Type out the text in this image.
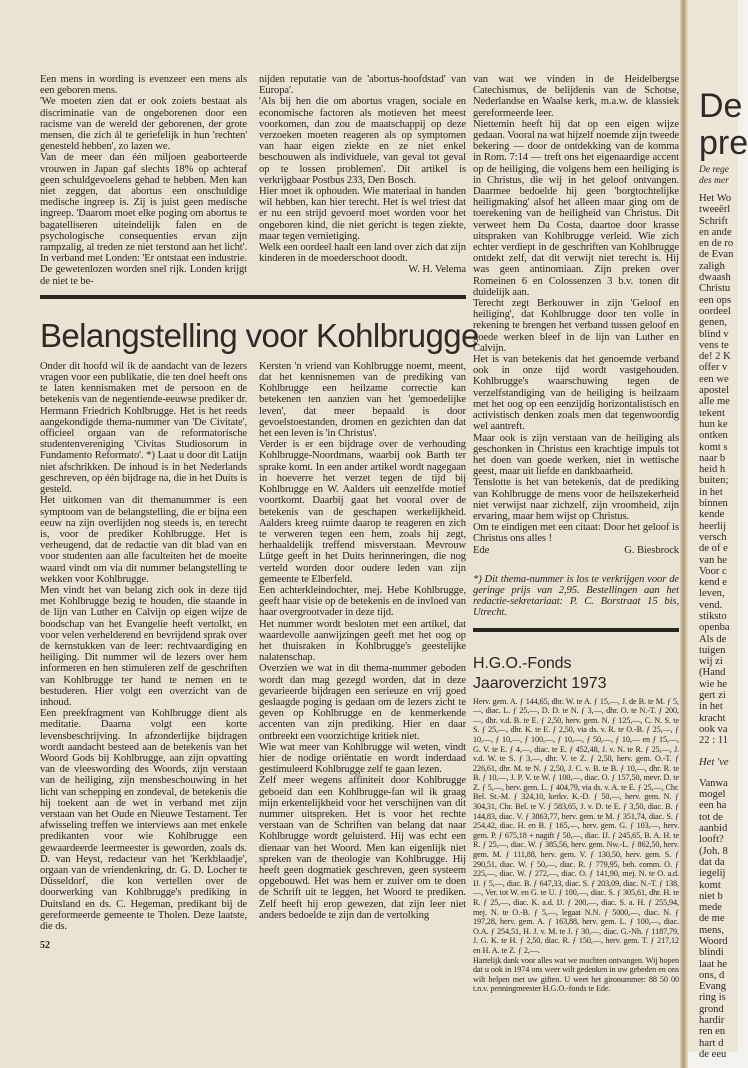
Een mens in wording is evenzeer een mens als een geboren mens.

'We moeten zien dat er ook zoiets bestaat als discriminatie van de ongeborenen door een racisme van de wereld der geborenen, der grote mensen, die zich ál te geriefelijk in hun 'rechten' genesteld hebben', zo lazen we.

Van de meer dan één miljoen geaborteerde vrouwen in Japan gaf slechts 18% op achteraf geen schuldgevoelens gehad te hebben. Men kan niet zeggen, dat abortus een onschuldige medische ingreep is. Zij is juist geen medische ingreep. 'Daarom moet elke poging om abortus te bagatelliseren uiteindelijk falen en de psychologische consequenties ervan zijn rampzalig, al treden ze niet terstond aan het licht'. In verband met Londen: 'Er ontstaat een industrie. De gewetenlozen worden snel rijk. Londen krijgt de niet te be-

nijden reputatie van de 'abortus-hoofdstad' van Europa'.

'Als bij hen die om abortus vragen, sociale en economische factoren als motieven het meest voorkomen, dan zou de maatschappij op deze verzoeken moeten reageren als op symptomen van haar eigen ziekte en ze niet enkel beschouwen als individuele, van geval tot geval op te lossen problemen'. Dit artikel is verkrijgbaar Postbus 233, Den Bosch.

Hier moet ik ophouden. Wie materiaal in handen wil hebben, kan hier terecht. Het is wel triest dat er nu een strijd gevoerd moet worden voor het ongeboren kind, die niet gericht is tegen ziekte, maar tegen vernietiging.

Welk een oordeel haalt een land over zich dat zijn kinderen in de moederschoot doodt.

W. H. Velema

Belangstelling voor Kohlbrugge

Onder dit hoofd wil ik de aandacht van de lezers vragen voor een publikatie, die ten doel heeft ons te laten kennismaken met de persoon en de betekenis van de negentiende-eeuwse prediker dr. Hermann Friedrich Kohlbrugge. Het is het reeds aangekondigde thema-nummer van 'De Civitate', officieel orgaan van de reformatorische studentenvereniging 'Civitas Studiosorum in Fundamento Reformato'. *) Laat u door dit Latijn niet afschrikken. De inhoud is in het Nederlands geschreven, op één bijdrage na, die in het Duits is gesteld.

Het uitkomen van dit themanummer is een symptoom van de belangstelling, die er bijna een eeuw na zijn overlijden nog steeds is, en terecht is, voor de prediker Kohlbrugge. Het is verheugend, dat de redactie van dit blad van en voor studenten aan alle faculteiten het de moeite waard vindt om via dit nummer belangstelling te wekken voor Kohlbrugge.

Men vindt het van belang zich ook in deze tijd met Kohlbrugge bezig te houden, die staande in de lijn van Luther en Calvijn op eigen wijze de boodschap van het Evangelie heeft vertolkt, en voor velen verhelderend en bevrijdend sprak over de kernstukken van de leer: rechtvaardiging en heiliging. Dit nummer wil de lezers over hem informeren en hen stimuleren zelf de geschriften van Kohlbrugge ter hand te nemen en te bestuderen. Hier volgt een overzicht van de inhoud.

Een preekfragment van Kohlbrugge dient als meditatie. Daarna volgt een korte levensbeschrijving. In afzonderlijke bijdragen wordt aandacht besteed aan de betekenis van het Woord Gods bij Kohlbrugge, aan zijn opvatting van de vleeswording des Woords, zijn verstaan van de heiliging, zijn mensbeschouwing in het licht van schepping en zondeval, de betekenis die hij toekent aan de wet in verband met zijn verstaan van het Oude en Nieuwe Testament. Ter afwisseling treffen we interviews aan met enkele predikanten voor wie Kohlbrugge een gewaardeerde leermeester is geworden, zoals ds. D. van Heyst, redacteur van het 'Kerkblaadje', orgaan van de vriendenkring, dr. G. D. Locher te Düsseldorf, die kon vertellen over de doorwerking van Kohlbrugge's prediking in Duitsland en ds. C. Hegeman, predikant bij de gereformeerde gemeente te Tholen. Deze laatste, die ds.

Kersten 'n vriend van Kohlbrugge noemt, meent, dat het kennisnemen van de prediking van Kohlbrugge een heilzame correctie kan betekenen ten aanzien van het 'gemoedelijke leven', dat meer bepaald is door gevoelstoestanden, dromen en gezichten dan dat het een leven is 'in Christus'.

Verder is er een bijdrage over de verhouding Kohlbrugge-Noordmans, waarbij ook Barth ter sprake komt. In een ander artikel wordt nagegaan in hoeverre het verzet tegen de tijd bij Kohlbrugge en W. Aalders uit eenzelfde motief voortkomt. Daarbij gaat het vooral over de betekenis van de geschapen werkelijkheid. Aalders kreeg ruimte daarop te reageren en zich te verweren tegen een hem, zoals hij zegt, herhaaldelijk treffend misverstaan. Mevrouw Lütge geeft in het Duits herinneringen, die nog verteld worden door oudere leden van zijn gemeente te Elberfeld.

Een achterkleindochter, mej. Hebe Kohlbrugge, geeft haar visie op de betekenis en de invloed van haar overgrootvader in deze tijd.

Het nummer wordt besloten met een artikel, dat waardevolle aanwijzingen geeft met het oog op het thuisraken in Kohlbrugge's geestelijke nalatenschap.

Overzien we wat in dit thema-nummer geboden wordt dan mag gezegd worden, dat in deze gevarieerde bijdragen een serieuze en vrij goed geslaagde poging is gedaan om de lezers zicht te geven op Kohlbrugge en de kenmerkende accenten van zijn prediking. Hier en daar ontbreekt een voorzichtige kritiek niet.

Wie wat meer van Kohlbrugge wil weten, vindt hier de nodige oriëntatie en wordt inderdaad gestimuleerd Kohlbrugge zelf te gaan lezen.

Zelf meer wegens affiniteit door Kohlbrugge geboeid dan een Kohlbrugge-fan wil ik graag mijn erkentelijkheid voor het verschijnen van dit nummer uitspreken. Het is voor het rechte verstaan van de Schriften van belang dat naar Kohlbrugge wordt geluisterd. Hij was echt een dienaar van het Woord. Men kan eigenlijk niet spreken van de theologie van Kohlbrugge. Hij heeft geen dogmatiek geschreven, geen systeem opgebouwd. Het was hem er zuiver om te doen de Schrift uit te leggen, het Woord te prediken. Zelf heeft hij erop gewezen, dat zijn leer niet anders bedoelde te zijn dan de vertolking

52

van wat we vinden in de Heidelbergse Catechismus, de belijdenis van de Schotse, Nederlandse en Waalse kerk, m.a.w. de klassiek gereformeerde leer.

Niettemin heeft hij dat op een eigen wijze gedaan. Vooral na wat hijzelf noemde zijn tweede bekering — door de ontdekking van de komma in Rom. 7:14 — treft ons het eigenaardige accent op de heiliging, die volgens hem een heiliging is in Christus, die wij in het geloof ontvangen. Daarmee bedoelde hij geen 'borgtochtelijke heiligmaking' alsof het alleen maar ging om de toerekening van de heiligheid van Christus. Dit verweet hem Da Costa, daartoe door krasse uitspraken van Kohlbrugge verleid. Wie zich echter verdiept in de geschriften van Kohlbrugge ontdekt zelf, dat dit verwijt niet terecht is. Hij was geen antinomiaan. Zijn preken over Romeinen 6 en Colossenzen 3 b.v. tonen dit duidelijk aan.

Terecht zegt Berkouwer in zijn 'Geloof en heiliging', dat Kohlbrugge door ten volle in rekening te brengen het verband tussen geloof en goede werken bleef in de lijn van Luther en Calvijn.

Het is van betekenis dat het genoemde verband ook in onze tijd wordt vastgehouden. Kohlbrugge's waarschuwing tegen de verzelfstandiging van de heiliging is heilzaam met het oog op een eenzijdig horizontalistisch en activistisch denken zoals men dat tegenwoordig wel aantreft.

Maar ook is zijn verstaan van de heiliging als geschonken in Christus een krachtige impuls tot het doen van goede werken, niet in wettische geest, maar uit liefde en dankbaarheid.

Tenslotte is het van betekenis, dat de prediking van Kohlbrugge de mens voor de heilszekerheid niet verwijst naar zichzelf, zijn vroomheid, zijn ervaring, maar hem wijst op Christus.

Om te eindigen met een citaat: Door het geloof is Christus ons alles !

Ede	G. Biesbrock

*) Dit thema-nummer is los te verkrijgen voor de geringe prijs van 2,95. Bestellingen aan het redactie-sekretariaat: P. C. Borstraat 15 bis, Utrecht.

H.G.O.-Fonds
Jaaroverzicht 1973

Herv. gem. A. ƒ 144,65, dhr. W. te A. ƒ 15,—, J. de B. te M. ƒ 5,—, diac. L. ƒ 25,—, D. D. te N. ƒ 3,—, dhr. O. te N.-T. ƒ 200,—, dhr. v.d. B. te E. ƒ 2,50, herv. gem. N. ƒ 125,—, C. N. S. te S. ƒ 25,—, dhr. K. te E. ƒ 2,50, via ds. v. R. te O.-B. ƒ 25,—, ƒ 10,—, ƒ 10,—, ƒ 100,—, ƒ 10,—, ƒ 50,—, ƒ 10,— en ƒ 15,—, G. V. te E. ƒ 4,—, diac. te E. ƒ 452,48, J. v. N. te R. ƒ 25,—, J. v.d. W. te S. ƒ 3,—, dhr. V. te Z. ƒ 2,50, herv. gem. O.-T. ƒ 226,61, dhr. M. te N. ƒ 2,50, J. C. v. B. te B. ƒ 10,—, dhr. R. te B. ƒ 10,—, J. P. V. te W. ƒ 100,—, diac. O. ƒ 157,50, mevr. D. te Z. ƒ 5,—, herv. gem. L. ƒ 404,79, via ds. v. A. te E. ƒ 25,—, Chr. Bel. St.-M. ƒ 324,10, kerkv. K.-D. ƒ 50,—, herv. gem. N. ƒ 304,31, Chr. Bel. te V. ƒ 583,65, J. v. D. te E. ƒ 3,50, diac. B. ƒ 144,83, diac. V. ƒ 3863,77, herv. gem. te M. ƒ 351,74, diac. S. ƒ 254,42, diac. H. en B. ƒ 165,—, herv. gem. G. ƒ 103,—, herv. gem. P. ƒ 675,18 + nagift ƒ 50,—, diac. IJ. ƒ 245,65, B. A. H. te R. ƒ 25,—, diac. W. ƒ 385,56, herv. gem. Nw.-L. ƒ 862,50, herv. gem. M. ƒ 111,88, herv. gem. V. ƒ 130,50, herv. gem. S. ƒ 290,51, diac. W. ƒ 50,—, diac. R. ƒ 779,95, beh. comm. O. ƒ 225,—, diac. W. ƒ 272,—, diac. O. ƒ 141,90, mej. N. te O. a.d. IJ. ƒ 5,—, diac. B. ƒ 647,33, diac. S. ƒ 203,09, diac. N.-T. ƒ 138,—, Ver. tot W. en G. te U. ƒ 100,—, diac. S. ƒ 305,61, dhr. H. te R. ƒ 25,—, diac. K. a.d. IJ. ƒ 200,—, diac. S. a. H. ƒ 255,94, mej. N. te O.-B. ƒ 5,—, legaat N.N. ƒ 5000,—, diac. N. ƒ 197,28, herv. gem. A. ƒ 163,88, herv. gem. L. ƒ 100,—, diac. O.A. ƒ 254,51, H. J. v. M. te J. ƒ 30,—, diac. G.-Nh. ƒ 1187,79, J. G. K. te H. ƒ 2,50, diac. R. ƒ 150,—, herv. gem. T. ƒ 217,12 en H. A. te Z. ƒ 2,—.

Hartelijk dank voor alles wat we mochten ontvangen. Wij hopen dat u ook in 1974 ons weer wilt gedenken in uw gebeden en ons wilt helpen met uw giften. U weet het gironummer: 88 50 00 t.n.v. penningmeester H.G.O.-fonds te Ede.

De
pre
De rege
des mer
Het Wo
tweeërl
Schrift
en ande
en de ro
de Evan
zaligh
dwaash
Christu
een ops
oordeel
genen,
blind v
vens te
de! 2 K
offer v
een we
apostel
alle me
tekent
hun ke
ontken
komt s
naar b
heid h
buiten;
in het
binnen
kende
heerlij
versch
de of e
van he
Voor c
kend e
leven,
vend.
stiksto
openba
Als de
tuigen
wij zi
(Hand
wie he
gert zi
in het
kracht
ook va
22 : 11
Het 've
Vanwa
mogel
een ha
tot de
aanbid
looft?
(Joh. 8
dat da
iegelij
komt
niet b
mede
de me
mens,
Woord
blindi
laat he
ons, d
Evang
ring is
grond
hardir
ren en
hart d
de eeu
